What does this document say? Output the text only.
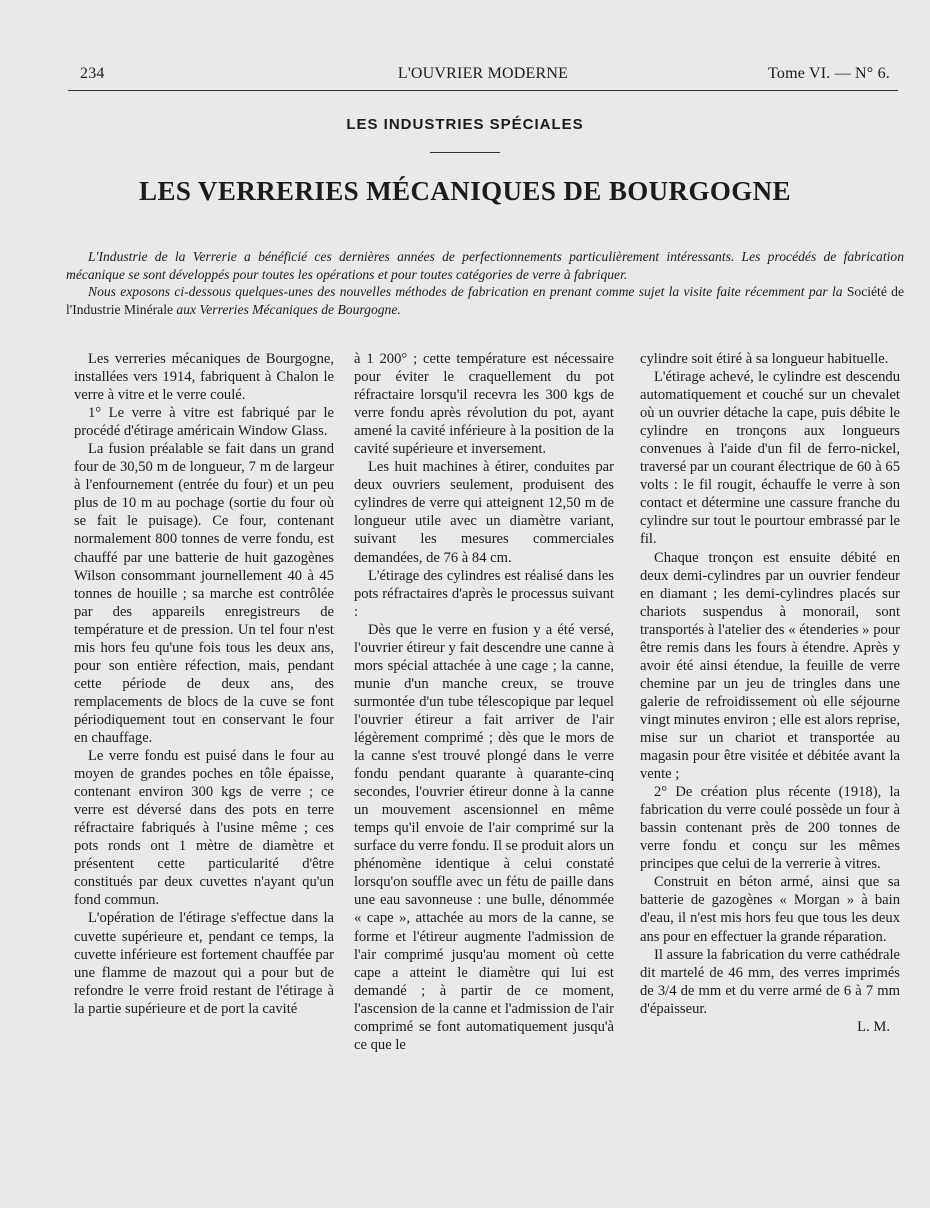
234	L'OUVRIER MODERNE	Tome VI. — N° 6.
LES INDUSTRIES SPÉCIALES
LES VERRERIES MÉCANIQUES DE BOURGOGNE

L'Industrie de la Verrerie a bénéficié ces dernières années de perfectionnements particulièrement intéressants. Les procédés de fabrication mécanique se sont développés pour toutes les opérations et pour toutes catégories de verre à fabriquer.

Nous exposons ci-dessous quelques-unes des nouvelles méthodes de fabrication en prenant comme sujet la visite faite récemment par la Société de l'Industrie Minérale aux Verreries Mécaniques de Bourgogne.

Les verreries mécaniques de Bourgogne, installées vers 1914, fabriquent à Chalon le verre à vitre et le verre coulé.

1° Le verre à vitre est fabriqué par le procédé d'étirage américain Window Glass.

La fusion préalable se fait dans un grand four de 30,50 m de longueur, 7 m de largeur à l'enfournement (entrée du four) et un peu plus de 10 m au pochage (sortie du four où se fait le puisage). Ce four, contenant normalement 800 tonnes de verre fondu, est chauffé par une batterie de huit gazogènes Wilson consommant journellement 40 à 45 tonnes de houille ; sa marche est contrôlée par des appareils enregistreurs de température et de pression. Un tel four n'est mis hors feu qu'une fois tous les deux ans, pour son entière réfection, mais, pendant cette période de deux ans, des remplacements de blocs de la cuve se font périodiquement tout en conservant le four en chauffage.

Le verre fondu est puisé dans le four au moyen de grandes poches en tôle épaisse, contenant environ 300 kgs de verre ; ce verre est déversé dans des pots en terre réfractaire fabriqués à l'usine même ; ces pots ronds ont 1 mètre de diamètre et présentent cette particularité d'être constitués par deux cuvettes n'ayant qu'un fond commun.

L'opération de l'étirage s'effectue dans la cuvette supérieure et, pendant ce temps, la cuvette inférieure est fortement chauffée par une flamme de mazout qui a pour but de refondre le verre froid restant de l'étirage à la partie supérieure et de port la cavité

à 1 200° ; cette température est nécessaire pour éviter le craquellement du pot réfractaire lorsqu'il recevra les 300 kgs de verre fondu après révolution du pot, ayant amené la cavité inférieure à la position de la cavité supérieure et inversement.

Les huit machines à étirer, conduites par deux ouvriers seulement, produisent des cylindres de verre qui atteignent 12,50 m de longueur utile avec un diamètre variant, suivant les mesures commerciales demandées, de 76 à 84 cm.

L'étirage des cylindres est réalisé dans les pots réfractaires d'après le processus suivant :

Dès que le verre en fusion y a été versé, l'ouvrier étireur y fait descendre une canne à mors spécial attachée à une cage ; la canne, munie d'un manche creux, se trouve surmontée d'un tube télescopique par lequel l'ouvrier étireur a fait arriver de l'air légèrement comprimé ; dès que le mors de la canne s'est trouvé plongé dans le verre fondu pendant quarante à quarante-cinq secondes, l'ouvrier étireur donne à la canne un mouvement ascensionnel en même temps qu'il envoie de l'air comprimé sur la surface du verre fondu. Il se produit alors un phénomène identique à celui constaté lorsqu'on souffle avec un fétu de paille dans une eau savonneuse : une bulle, dénommée « cape », attachée au mors de la canne, se forme et l'étireur augmente l'admission de l'air comprimé jusqu'au moment où cette cape a atteint le diamètre qui lui est demandé ; à partir de ce moment, l'ascension de la canne et l'admission de l'air comprimé se font automatiquement jusqu'à ce que le

cylindre soit étiré à sa longueur habituelle.

L'étirage achevé, le cylindre est descendu automatiquement et couché sur un chevalet où un ouvrier détache la cape, puis débite le cylindre en tronçons aux longueurs convenues à l'aide d'un fil de ferro-nickel, traversé par un courant électrique de 60 à 65 volts : le fil rougit, échauffe le verre à son contact et détermine une cassure franche du cylindre sur tout le pourtour embrassé par le fil.

Chaque tronçon est ensuite débité en deux demi-cylindres par un ouvrier fendeur en diamant ; les demi-cylindres placés sur chariots suspendus à monorail, sont transportés à l'atelier des « étenderies » pour être remis dans les fours à étendre. Après y avoir été ainsi étendue, la feuille de verre chemine par un jeu de tringles dans une galerie de refroidissement où elle séjourne vingt minutes environ ; elle est alors reprise, mise sur un chariot et transportée au magasin pour être visitée et débitée avant la vente ;

2° De création plus récente (1918), la fabrication du verre coulé possède un four à bassin contenant près de 200 tonnes de verre fondu et conçu sur les mêmes principes que celui de la verrerie à vitres.

Construit en béton armé, ainsi que sa batterie de gazogènes « Morgan » à bain d'eau, il n'est mis hors feu que tous les deux ans pour en effectuer la grande réparation.

Il assure la fabrication du verre cathédrale dit martelé de 46 mm, des verres imprimés de 3/4 de mm et du verre armé de 6 à 7 mm d'épaisseur.

L. M.
